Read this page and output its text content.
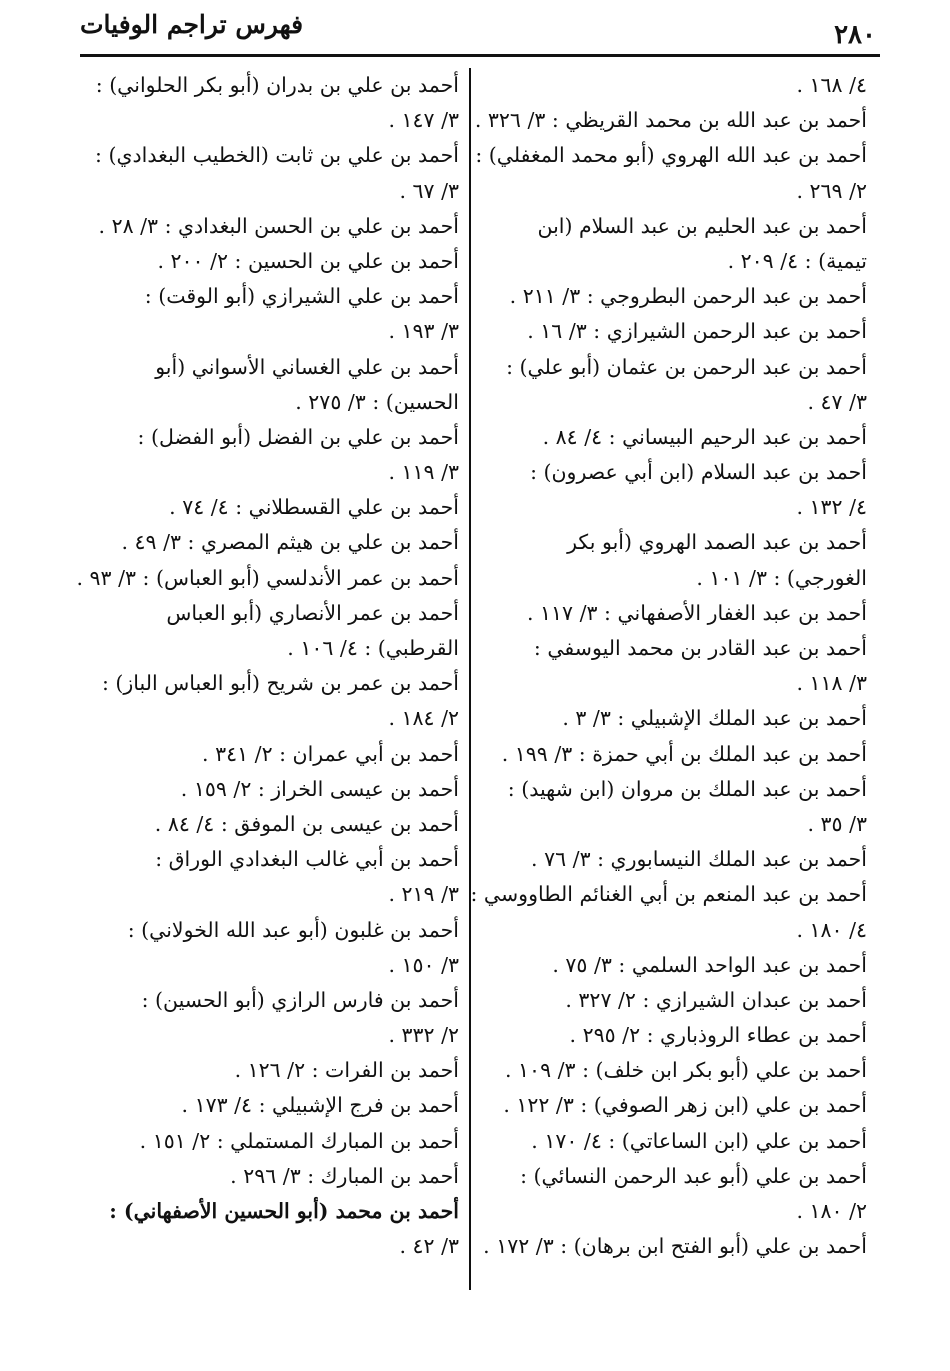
٢٨٠
فهرس تراجم الوفيات
٤/ ١٦٨ .
أحمد بن عبد الله بن محمد القريظي : ٣/ ٣٢٦ .
أحمد بن عبد الله الهروي (أبو محمد المغفلي) :
٢/ ٢٦٩ .
أحمد بن عبد الحليم بن عبد السلام (ابن
تيمية) : ٤/ ٢٠٩ .
أحمد بن عبد الرحمن البطروجي : ٣/ ٢١١ .
أحمد بن عبد الرحمن الشيرازي : ٣/ ١٦ .
أحمد بن عبد الرحمن بن عثمان (أبو علي) :
٣/ ٤٧ .
أحمد بن عبد الرحيم البيساني : ٤/ ٨٤ .
أحمد بن عبد السلام (ابن أبي عصرون) :
٤/ ١٣٢ .
أحمد بن عبد الصمد الهروي (أبو بكر
الغورجي) : ٣/ ١٠١ .
أحمد بن عبد الغفار الأصفهاني : ٣/ ١١٧ .
أحمد بن عبد القادر بن محمد اليوسفي :
٣/ ١١٨ .
أحمد بن عبد الملك الإشبيلي : ٣/ ٣ .
أحمد بن عبد الملك بن أبي حمزة : ٣/ ١٩٩ .
أحمد بن عبد الملك بن مروان (ابن شهيد) :
٣/ ٣٥ .
أحمد بن عبد الملك النيسابوري : ٣/ ٧٦ .
أحمد بن عبد المنعم بن أبي الغنائم الطاووسي :
٤/ ١٨٠ .
أحمد بن عبد الواحد السلمي : ٣/ ٧٥ .
أحمد بن عبدان الشيرازي : ٢/ ٣٢٧ .
أحمد بن عطاء الروذباري : ٢/ ٢٩٥ .
أحمد بن علي (أبو بكر ابن خلف) : ٣/ ١٠٩ .
أحمد بن علي (ابن زهر الصوفي) : ٣/ ١٢٢ .
أحمد بن علي (ابن الساعاتي) : ٤/ ١٧٠ .
أحمد بن علي (أبو عبد الرحمن النسائي) :
٢/ ١٨٠ .
أحمد بن علي (أبو الفتح ابن برهان) : ٣/ ١٧٢ .
أحمد بن علي بن بدران (أبو بكر الحلواني) :
٣/ ١٤٧ .
أحمد بن علي بن ثابت (الخطيب البغدادي) :
٣/ ٦٧ .
أحمد بن علي بن الحسن البغدادي : ٣/ ٢٨ .
أحمد بن علي بن الحسين : ٢/ ٢٠٠ .
أحمد بن علي الشيرازي (أبو الوقت) :
٣/ ١٩٣ .
أحمد بن علي الغساني الأسواني (أبو
الحسين) : ٣/ ٢٧٥ .
أحمد بن علي بن الفضل (أبو الفضل) :
٣/ ١١٩ .
أحمد بن علي القسطلاني : ٤/ ٧٤ .
أحمد بن علي بن هيثم المصري : ٣/ ٤٩ .
أحمد بن عمر الأندلسي (أبو العباس) : ٣/ ٩٣ .
أحمد بن عمر الأنصاري (أبو العباس
القرطبي) : ٤/ ١٠٦ .
أحمد بن عمر بن شريح (أبو العباس الباز) :
٢/ ١٨٤ .
أحمد بن أبي عمران : ٢/ ٣٤١ .
أحمد بن عيسى الخراز : ٢/ ١٥٩ .
أحمد بن عيسى بن الموفق : ٤/ ٨٤ .
أحمد بن أبي غالب البغدادي الوراق :
٣/ ٢١٩ .
أحمد بن غلبون (أبو عبد الله الخولاني) :
٣/ ١٥٠ .
أحمد بن فارس الرازي (أبو الحسين) :
٢/ ٣٣٢ .
أحمد بن الفرات : ٢/ ١٢٦ .
أحمد بن فرج الإشبيلي : ٤/ ١٧٣ .
أحمد بن المبارك المستملي : ٢/ ١٥١ .
أحمد بن المبارك : ٣/ ٢٩٦ .
أحمد بن محمد (أبو الحسين الأصفهاني) :
٣/ ٤٢ .
